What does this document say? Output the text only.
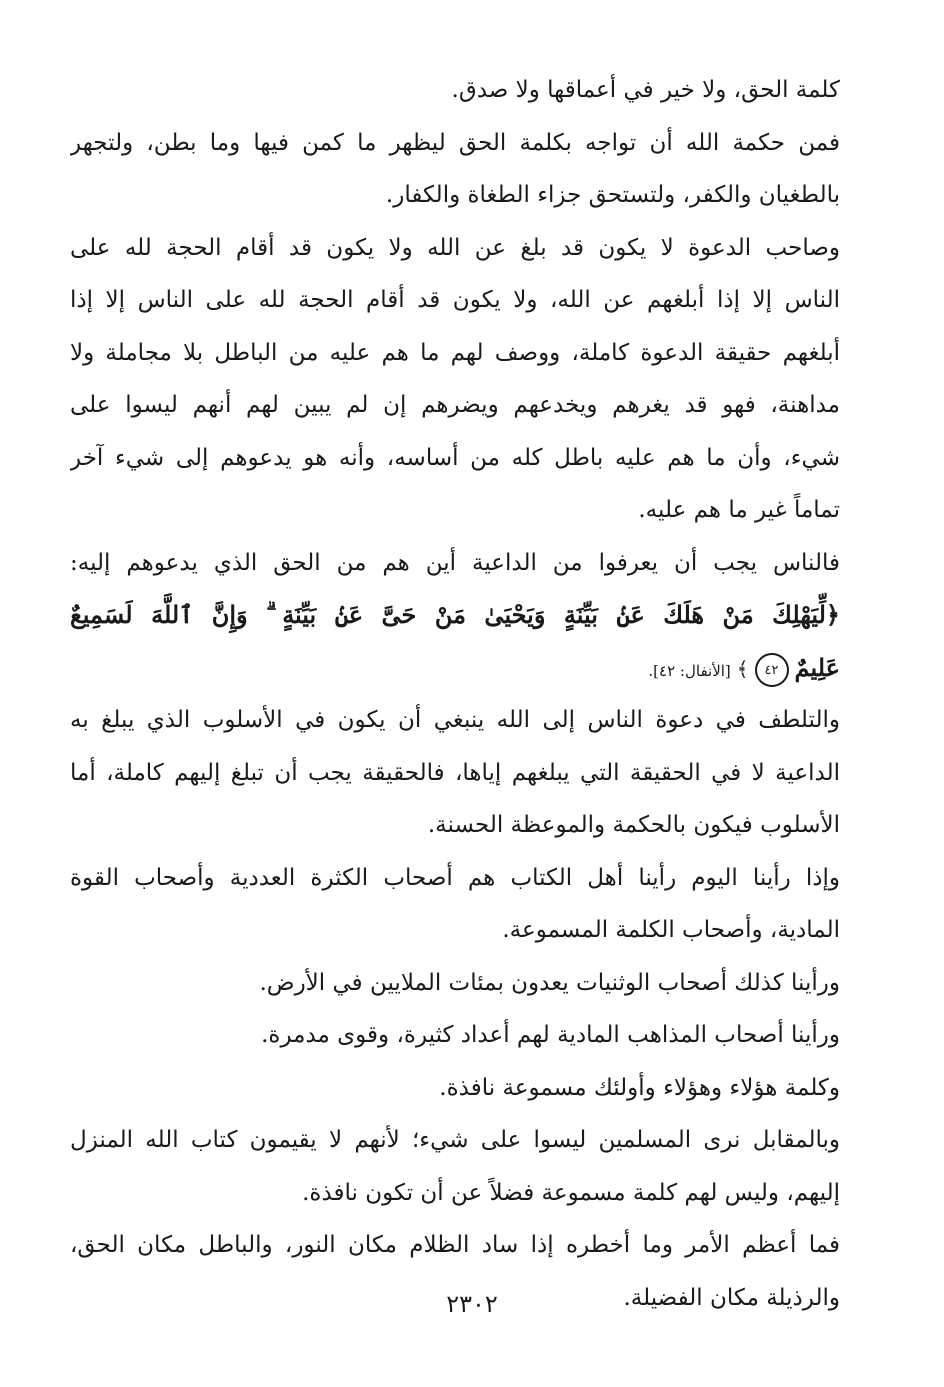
كلمة الحق، ولا خير في أعماقها ولا صدق.
فمن حكمة الله أن تواجه بكلمة الحق ليظهر ما كمن فيها وما بطن، ولتجهر
بالطغيان والكفر، ولتستحق جزاء الطغاة والكفار.
وصاحب الدعوة لا يكون قد بلغ عن الله ولا يكون قد أقام الحجة لله على
الناس إلا إذا أبلغهم عن الله، ولا يكون قد أقام الحجة لله على الناس إلا إذا
أبلغهم حقيقة الدعوة كاملة، ووصف لهم ما هم عليه من الباطل بلا مجاملة ولا
مداهنة، فهو قد يغرهم ويخدعهم ويضرهم إن لم يبين لهم أنهم ليسوا على
شيء، وأن ما هم عليه باطل كله من أساسه، وأنه هو يدعوهم إلى شيء آخر
تماماً غير ما هم عليه.
فالناس يجب أن يعرفوا من الداعية أين هم من الحق الذي يدعوهم إليه:
﴿لِّيَهْلِكَ مَنْ هَلَكَ عَنۢ بَيِّنَةٍ وَيَحْيَىٰ مَنْ حَىَّ عَنۢ بَيِّنَةٍ ۗ وَإِنَّ ٱللَّهَ لَسَمِيعٌ
عَلِيمٌ٤٢﴾[الأنفال: ٤٢].
والتلطف في دعوة الناس إلى الله ينبغي أن يكون في الأسلوب الذي يبلغ به
الداعية لا في الحقيقة التي يبلغهم إياها، فالحقيقة يجب أن تبلغ إليهم كاملة، أما
الأسلوب فيكون بالحكمة والموعظة الحسنة.
وإذا رأينا اليوم رأينا أهل الكتاب هم أصحاب الكثرة العددية وأصحاب القوة
المادية، وأصحاب الكلمة المسموعة.
ورأينا كذلك أصحاب الوثنيات يعدون بمئات الملايين في الأرض.
ورأينا أصحاب المذاهب المادية لهم أعداد كثيرة، وقوى مدمرة.
وكلمة هؤلاء وهؤلاء وأولئك مسموعة نافذة.
وبالمقابل نرى المسلمين ليسوا على شيء؛ لأنهم لا يقيمون كتاب الله المنزل
إليهم، وليس لهم كلمة مسموعة فضلاً عن أن تكون نافذة.
فما أعظم الأمر وما أخطره إذا ساد الظلام مكان النور، والباطل مكان الحق،
والرذيلة مكان الفضيلة.
٢٣٠٢
